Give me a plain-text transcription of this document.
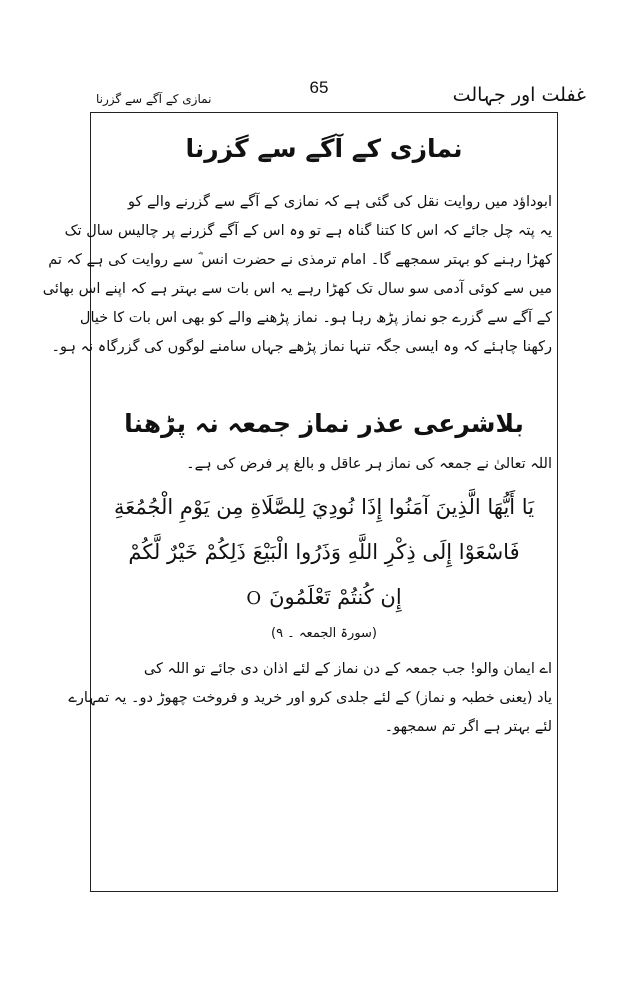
65	غفلت اور جہالت
نمازی کے آگے سے گزرنا
نمازی کے آگے سے گزرنا

ابوداؤد میں روایت نقل کی گئی ہے کہ نمازی کے آگے سے گزرنے والے کو
یہ پتہ چل جائے کہ اس کا کتنا گناہ ہے تو وہ اس کے آگے گزرنے پر چالیس سال تک
کھڑا رہنے کو بہتر سمجھے گا۔ امام ترمذی نے حضرت انس ؓ سے روایت کی ہے کہ تم
میں سے کوئی آدمی سو سال تک کھڑا رہے یہ اس بات سے بہتر ہے کہ اپنے اس بھائی
کے آگے سے گزرے جو نماز پڑھ رہا ہو۔ نماز پڑھنے والے کو بھی اس بات کا خیال
رکھنا چاہئے کہ وہ ایسی جگہ تنہا نماز پڑھے جہاں سامنے لوگوں کی گزرگاہ نہ ہو۔

بلاشرعی عذر نماز جمعہ نہ پڑھنا

اللہ تعالیٰ نے جمعہ کی نماز ہر عاقل و بالغ پر فرض کی ہے۔

يَا أَيُّهَا الَّذِينَ آمَنُوا إِذَا نُودِيَ لِلصَّلَاةِ مِن يَوْمِ الْجُمُعَةِ
فَاسْعَوْا إِلَى ذِكْرِ اللَّهِ وَذَرُوا الْبَيْعَ ذَلِكُمْ خَيْرٌ لَّكُمْ
إِن كُنتُمْ تَعْلَمُونَO
(سورۃ الجمعہ ۔ ۹)

اے ایمان والو! جب جمعہ کے دن نماز کے لئے اذان دی جائے تو اللہ کی
یاد (یعنی خطبہ و نماز) کے لئے جلدی کرو اور خرید و فروخت چھوڑ دو۔ یہ تمہارے
لئے بہتر ہے اگر تم سمجھو۔
